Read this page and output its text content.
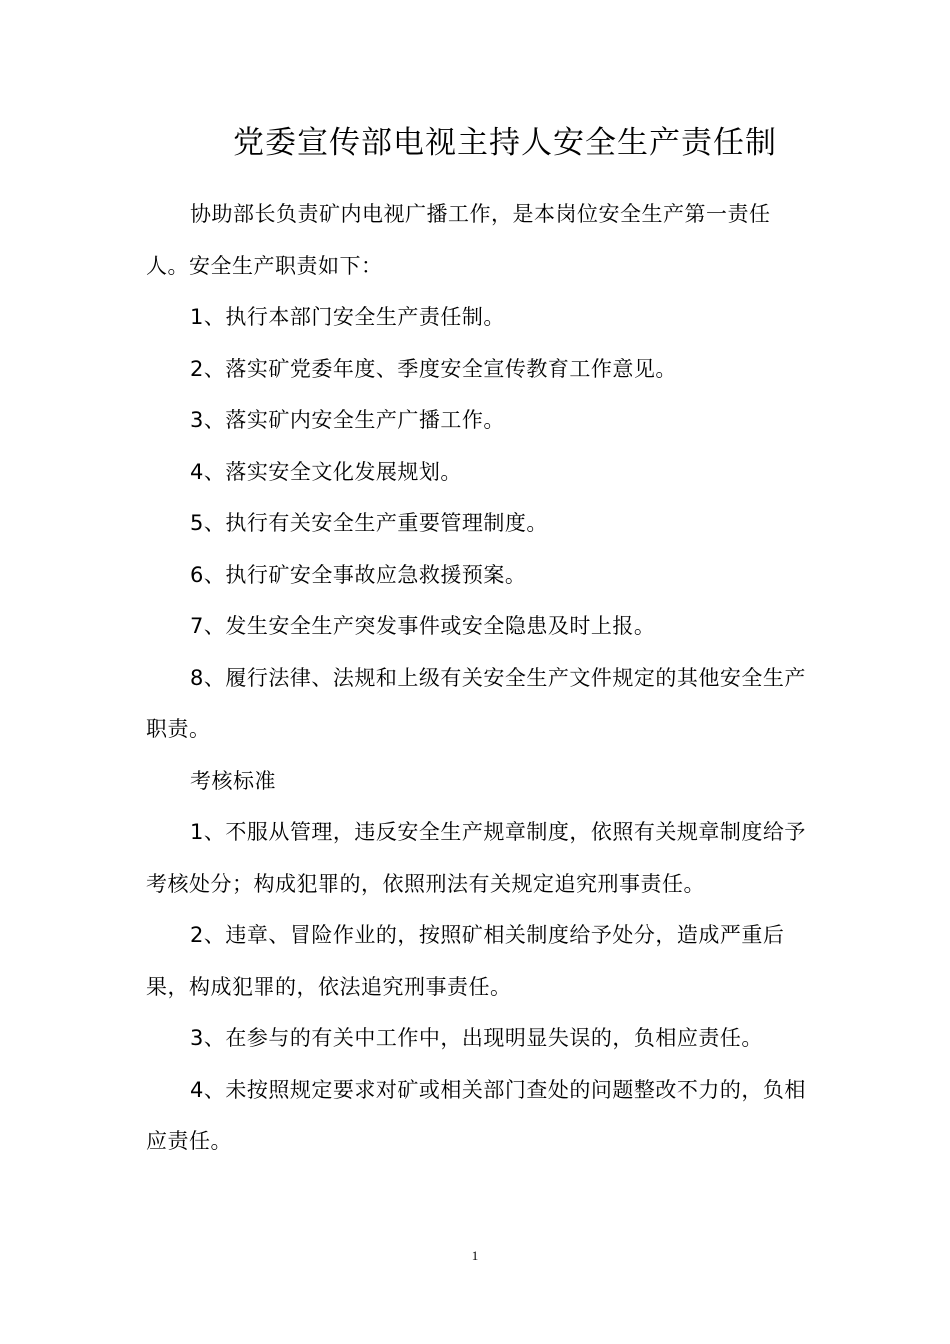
党委宣传部电视主持人安全生产责任制

协助部长负责矿内电视广播工作，是本岗位安全生产第一责任人。安全生产职责如下：

1、执行本部门安全生产责任制。

2、落实矿党委年度、季度安全宣传教育工作意见。

3、落实矿内安全生产广播工作。

4、落实安全文化发展规划。

5、执行有关安全生产重要管理制度。

6、执行矿安全事故应急救援预案。

7、发生安全生产突发事件或安全隐患及时上报。

8、履行法律、法规和上级有关安全生产文件规定的其他安全生产职责。

考核标准

1、不服从管理，违反安全生产规章制度，依照有关规章制度给予考核处分；构成犯罪的，依照刑法有关规定追究刑事责任。

2、违章、冒险作业的，按照矿相关制度给予处分，造成严重后果，构成犯罪的，依法追究刑事责任。

3、在参与的有关中工作中，出现明显失误的，负相应责任。

4、未按照规定要求对矿或相关部门查处的问题整改不力的，负相应责任。

1
